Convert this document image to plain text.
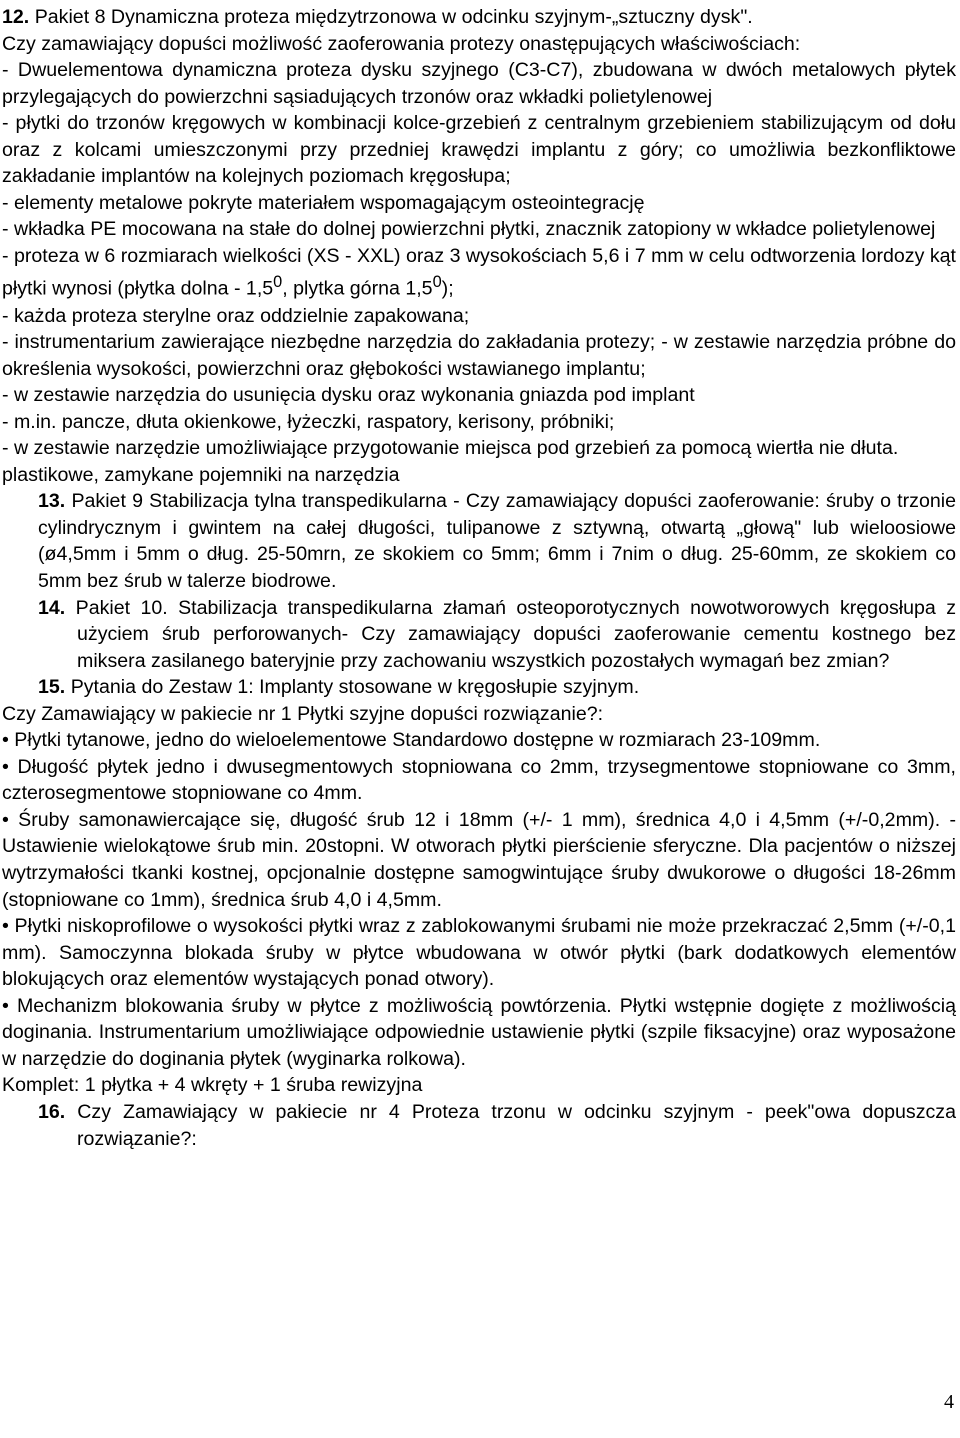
12. Pakiet 8 Dynamiczna proteza międzytrzonowa w odcinku szyjnym-„sztuczny dysk".

Czy zamawiający dopuści możliwość zaoferowania protezy onastępujących właściwościach:

- Dwuelementowa dynamiczna proteza dysku szyjnego (C3-C7), zbudowana w dwóch metalowych płytek przylegających do powierzchni sąsiadujących trzonów oraz wkładki polietylenowej

- płytki do trzonów kręgowych w kombinacji kolce-grzebień z centralnym grzebieniem stabilizującym od dołu oraz z kolcami umieszczonymi przy przedniej krawędzi implantu z góry; co umożliwia bezkonfliktowe zakładanie implantów na kolejnych poziomach kręgosłupa;

- elementy metalowe pokryte materiałem wspomagającym osteointegrację

- wkładka PE mocowana na stałe do dolnej powierzchni płytki, znacznik zatopiony w wkładce polietylenowej

- proteza w 6 rozmiarach wielkości (XS - XXL) oraz 3 wysokościach 5,6 i 7 mm w celu odtworzenia lordozy kąt płytki wynosi (płytka dolna - $1,5^0$, plytka górna $1,5^0$);

- każda proteza sterylne oraz oddzielnie zapakowana;

- instrumentarium zawierające niezbędne narzędzia do zakładania protezy; - w zestawie narzędzia próbne do określenia wysokości, powierzchni oraz głębokości wstawianego implantu;

- w zestawie narzędzia do usunięcia dysku oraz wykonania gniazda pod implant

- m.in. pancze, dłuta okienkowe, łyżeczki, raspatory, kerisony, próbniki;

- w zestawie narzędzie umożliwiające przygotowanie miejsca pod grzebień za pomocą wiertła nie dłuta.

plastikowe, zamykane pojemniki na narzędzia

13. Pakiet 9 Stabilizacja tylna transpedikularna - Czy zamawiający dopuści zaoferowanie: śruby o trzonie cylindrycznym i gwintem na całej długości, tulipanowe z sztywną, otwartą „głową" lub wieloosiowe (ø4,5mm i 5mm o dług. 25-50mrn, ze skokiem co 5mm; 6mm i 7nim o dług. 25-60mm, ze skokiem co 5mm bez śrub w talerze biodrowe.

14. Pakiet 10. Stabilizacja transpedikularna złamań osteoporotycznych nowotworowych kręgosłupa z użyciem śrub perforowanych- Czy zamawiający dopuści zaoferowanie cementu kostnego bez miksera zasilanego bateryjnie przy zachowaniu wszystkich pozostałych wymagań bez zmian?

15. Pytania do Zestaw 1: Implanty stosowane w kręgosłupie szyjnym.

Czy Zamawiający w pakiecie nr 1 Płytki szyjne dopuści rozwiązanie?:

• Płytki tytanowe, jedno do wieloelementowe Standardowo dostępne w rozmiarach 23-109mm.

• Długość płytek jedno i dwusegmentowych stopniowana co 2mm, trzysegmentowe stopniowane co 3mm, czterosegmentowe stopniowane co 4mm.

• Śruby samonawiercające się, długość śrub 12 i 18mm (+/- 1 mm), średnica 4,0 i 4,5mm (+/-0,2mm). - Ustawienie wielokątowe śrub min. 20stopni. W otworach płytki pierścienie sferyczne. Dla pacjentów o niższej wytrzymałości tkanki kostnej, opcjonalnie dostępne samogwintujące śruby dwukorowe o długości 18-26mm (stopniowane co 1mm), średnica śrub 4,0 i 4,5mm.

• Płytki niskoprofilowe o wysokości płytki wraz z zablokowanymi śrubami nie może przekraczać 2,5mm (+/-0,1 mm). Samoczynna blokada śruby w płytce wbudowana w otwór płytki (bark dodatkowych elementów blokujących oraz elementów wystających ponad otwory).

• Mechanizm blokowania śruby w płytce z możliwością powtórzenia. Płytki wstępnie dogięte z możliwością doginania. Instrumentarium umożliwiające odpowiednie ustawienie płytki (szpile fiksacyjne) oraz wyposażone w narzędzie do doginania płytek (wyginarka rolkowa).

Komplet: 1 płytka + 4 wkręty + 1 śruba rewizyjna

16. Czy Zamawiający w pakiecie nr 4 Proteza trzonu w odcinku szyjnym - peek"owa dopuszcza rozwiązanie?:

4
